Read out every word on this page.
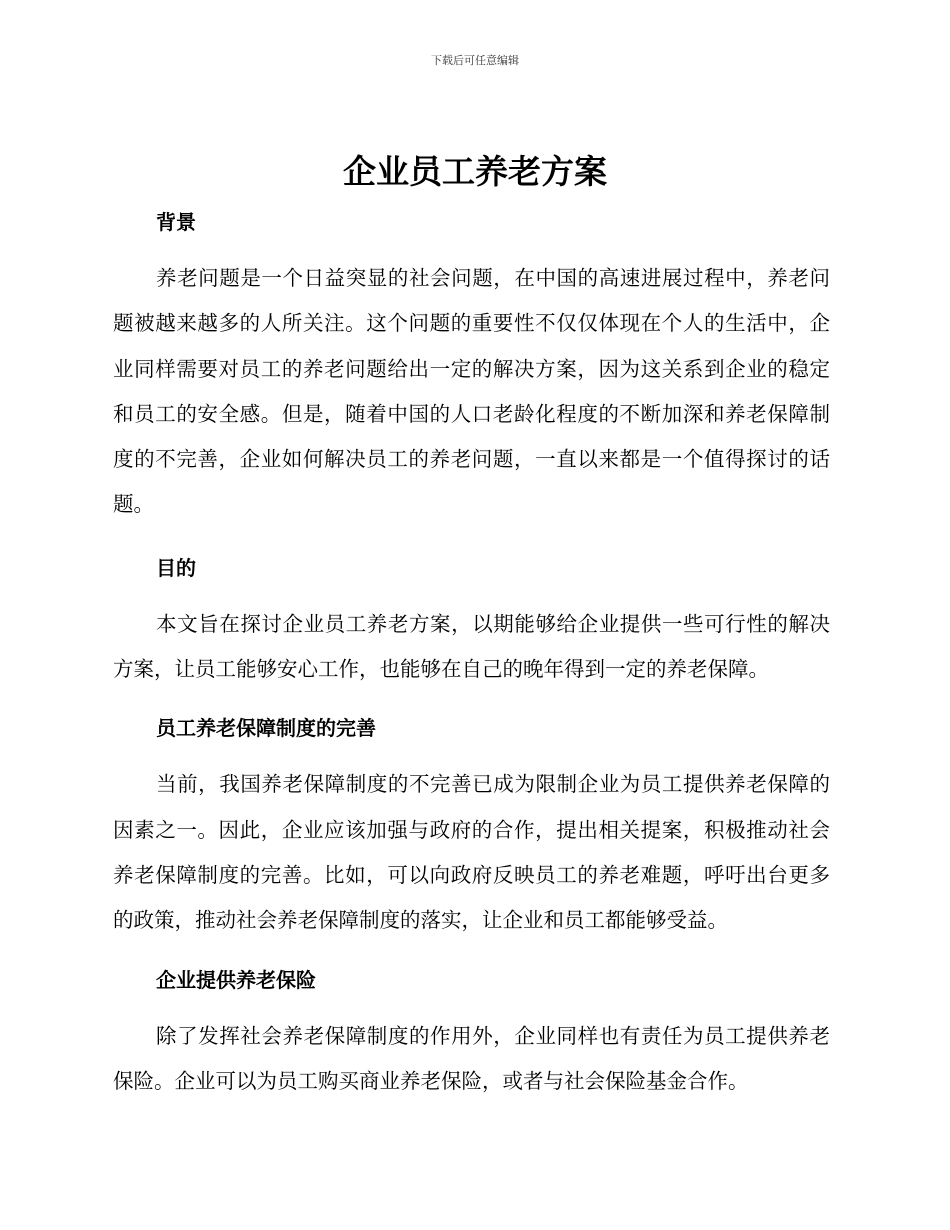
下载后可任意编辑
企业员工养老方案
背景

养老问题是一个日益突显的社会问题，在中国的高速进展过程中，养老问题被越来越多的人所关注。这个问题的重要性不仅仅体现在个人的生活中，企业同样需要对员工的养老问题给出一定的解决方案，因为这关系到企业的稳定和员工的安全感。但是，随着中国的人口老龄化程度的不断加深和养老保障制度的不完善，企业如何解决员工的养老问题，一直以来都是一个值得探讨的话题。

目的

本文旨在探讨企业员工养老方案，以期能够给企业提供一些可行性的解决方案，让员工能够安心工作，也能够在自己的晚年得到一定的养老保障。

员工养老保障制度的完善

当前，我国养老保障制度的不完善已成为限制企业为员工提供养老保障的因素之一。因此，企业应该加强与政府的合作，提出相关提案，积极推动社会养老保障制度的完善。比如，可以向政府反映员工的养老难题，呼吁出台更多的政策，推动社会养老保障制度的落实，让企业和员工都能够受益。

企业提供养老保险

除了发挥社会养老保障制度的作用外，企业同样也有责任为员工提供养老保险。企业可以为员工购买商业养老保险，或者与社会保险基金合作。
